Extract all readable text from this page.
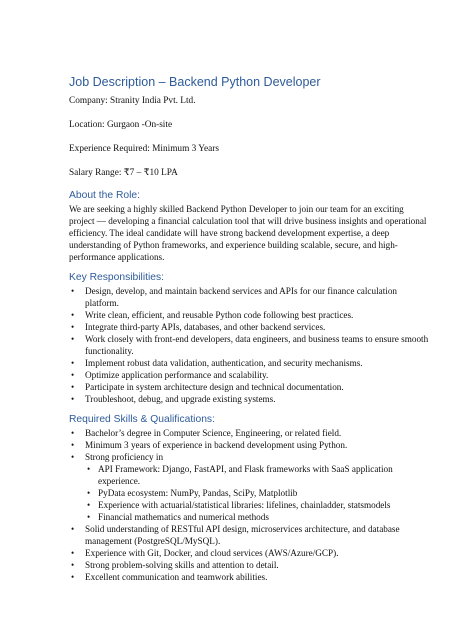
Job Description – Backend Python Developer

Company: Stranity India Pvt. Ltd.

Location: Gurgaon -On-site

Experience Required: Minimum 3 Years

Salary Range: ₹7 – ₹10 LPA

About the Role:

We are seeking a highly skilled Backend Python Developer to join our team for an exciting project — developing a financial calculation tool that will drive business insights and operational efficiency. The ideal candidate will have strong backend development expertise, a deep understanding of Python frameworks, and experience building scalable, secure, and high-performance applications.

Key Responsibilities:

• Design, develop, and maintain backend services and APIs for our finance calculation platform.
• Write clean, efficient, and reusable Python code following best practices.
• Integrate third-party APIs, databases, and other backend services.
• Work closely with front-end developers, data engineers, and business teams to ensure smooth functionality.
• Implement robust data validation, authentication, and security mechanisms.
• Optimize application performance and scalability.
• Participate in system architecture design and technical documentation.
• Troubleshoot, debug, and upgrade existing systems.

Required Skills & Qualifications:

• Bachelor’s degree in Computer Science, Engineering, or related field.
• Minimum 3 years of experience in backend development using Python.
• Strong proficiency in
• API Framework: Django, FastAPI, and Flask frameworks with SaaS application experience.
• PyData ecosystem: NumPy, Pandas, SciPy, Matplotlib
• Experience with actuarial/statistical libraries: lifelines, chainladder, statsmodels
• Financial mathematics and numerical methods
• Solid understanding of RESTful API design, microservices architecture, and database management (PostgreSQL/MySQL).
• Experience with Git, Docker, and cloud services (AWS/Azure/GCP).
• Strong problem-solving skills and attention to detail.
• Excellent communication and teamwork abilities.
